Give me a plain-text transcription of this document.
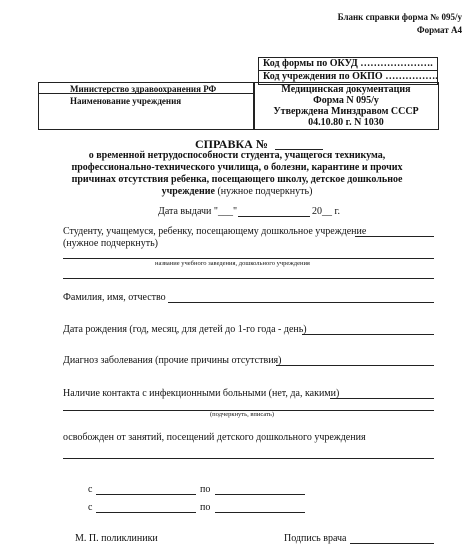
Бланк справки форма № 095/у
Формат А4
Код формы по ОКУД ………………….
Код учреждения по ОКПО …………….
Министерство здравоохранения РФ
Наименование учреждения
Медицинская документация
Форма N 095/у
Утверждена Минздравом СССР
04.10.80 г. N 1030
СПРАВКА №
о временной нетрудоспособности студента, учащегося техникума,
профессионально-технического училища, о болезни, карантине и прочих
причинах отсутствия ребенка, посещающего школу, детское дошкольное
учреждение (нужное подчеркнуть)
Дата выдачи "___"	20__ г.
Студенту, учащемуся, ребенку, посещающему дошкольное учреждение
(нужное подчеркнуть)
название учебного заведения, дошкольного учреждения
Фамилия, имя, отчество
Дата рождения (год, месяц, для детей до 1-го года - день)
Диагноз заболевания (прочие причины отсутствия)
Наличие контакта с инфекционными больными (нет, да, какими)
(подчеркнуть, вписать)
освобожден от занятий, посещений детского дошкольного учреждения
с	по
с	по
М. П. поликлиники	Подпись врача
